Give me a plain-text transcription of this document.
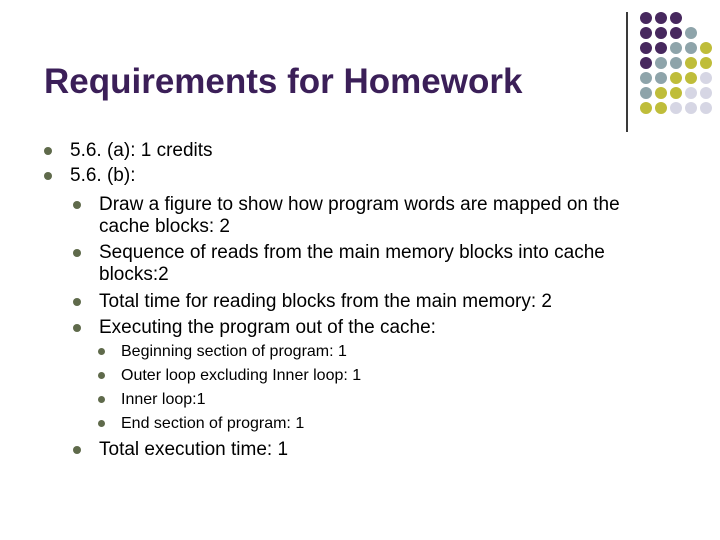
Requirements for Homework
5.6. (a): 1 credits
5.6. (b):
Draw a figure to show how program words are mapped on the
cache blocks: 2
Sequence of reads from the main memory blocks into cache
blocks:2
Total time for reading blocks from the main memory: 2
Executing the program out of the cache:
Beginning section of program: 1
Outer loop excluding Inner loop: 1
Inner loop:1
End section of program: 1
Total execution time: 1
